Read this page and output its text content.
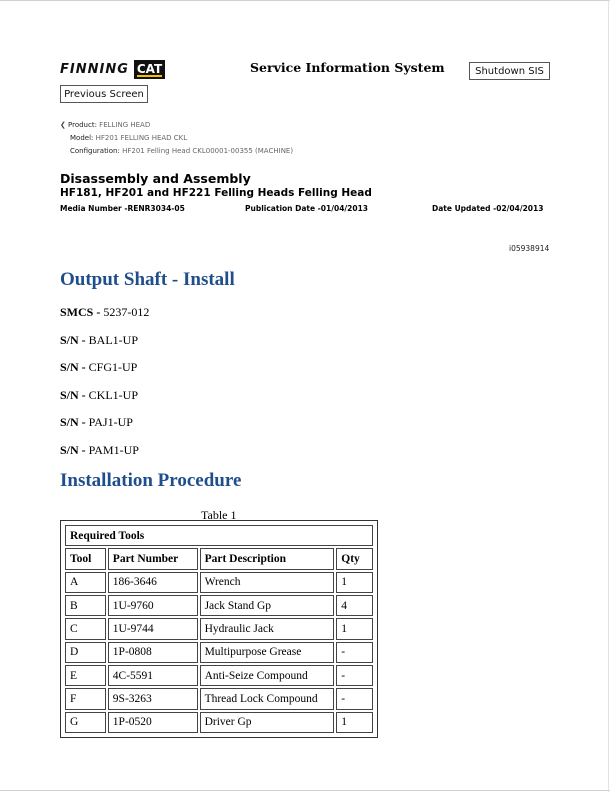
FINNING CAT	Service Information System	Shutdown SIS
Previous Screen
❮ Product: FELLING HEAD
Model: HF201 FELLING HEAD CKL
Configuration: HF201 Felling Head CKL00001-00355 (MACHINE)
Disassembly and Assembly
HF181, HF201 and HF221 Felling Heads Felling Head
Media Number -RENR3034-05	Publication Date -01/04/2013	Date Updated -02/04/2013
i05938914
Output Shaft - Install
SMCS - 5237-012
S/N - BAL1-UP
S/N - CFG1-UP
S/N - CKL1-UP
S/N - PAJ1-UP
S/N - PAM1-UP
Installation Procedure
Table 1
Required Tools			
Tool	Part Number	Part Description	Qty
A	186-3646	Wrench	1
B	1U-9760	Jack Stand Gp	4
C	1U-9744	Hydraulic Jack	1
D	1P-0808	Multipurpose Grease	-
E	4C-5591	Anti-Seize Compound	-
F	9S-3263	Thread Lock Compound	-
G	1P-0520	Driver Gp	1
